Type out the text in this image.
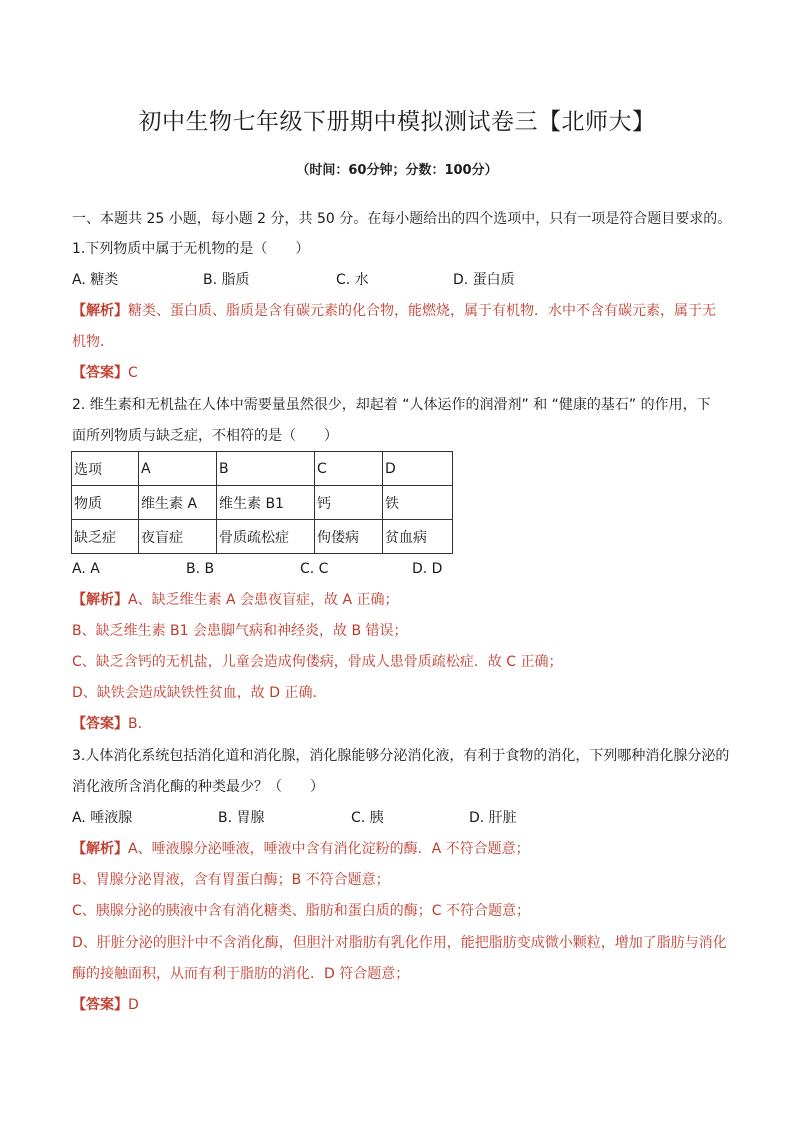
初中生物七年级下册期中模拟测试卷三【北师大】
（时间：60分钟；分数：100分）
一、本题共 25 小题，每小题 2 分，共 50 分。在每小题给出的四个选项中，只有一项是符合题目要求的。
1.下列物质中属于无机物的是（　　）
A. 糖类	B. 脂质	C. 水	D. 蛋白质
【解析】糖类、蛋白质、脂质是含有碳元素的化合物，能燃烧，属于有机物．水中不含有碳元素，属于无
机物．
【答案】C
2. 维生素和无机盐在人体中需要量虽然很少，却起着 “人体运作的润滑剂” 和 “健康的基石” 的作用，下
面所列物质与缺乏症，不相符的是（　　）
选项	A	B	C	D
物质	维生素 A	维生素 B1	钙	铁
缺乏症	夜盲症	骨质疏松症	佝偻病	贫血病
A. A	B. B	C. C	D. D
【解析】A、缺乏维生素 A 会患夜盲症，故 A 正确；
B、缺乏维生素 B1 会患脚气病和神经炎，故 B 错误；
C、缺乏含钙的无机盐，儿童会造成佝偻病，骨成人患骨质疏松症．故 C 正确；
D、缺铁会造成缺铁性贫血，故 D 正确．
【答案】B．
3.人体消化系统包括消化道和消化腺，消化腺能够分泌消化液，有利于食物的消化，下列哪种消化腺分泌的
消化液所含消化酶的种类最少？（　　）
A. 唾液腺	B. 胃腺	C. 胰	D. 肝脏
【解析】A、唾液腺分泌唾液，唾液中含有消化淀粉的酶．A 不符合题意；
B、胃腺分泌胃液，含有胃蛋白酶；B 不符合题意；
C、胰腺分泌的胰液中含有消化糖类、脂肪和蛋白质的酶；C 不符合题意；
D、肝脏分泌的胆汁中不含消化酶，但胆汁对脂肪有乳化作用，能把脂肪变成微小颗粒，增加了脂肪与消化
酶的接触面积，从而有利于脂肪的消化．D 符合题意；
【答案】D
